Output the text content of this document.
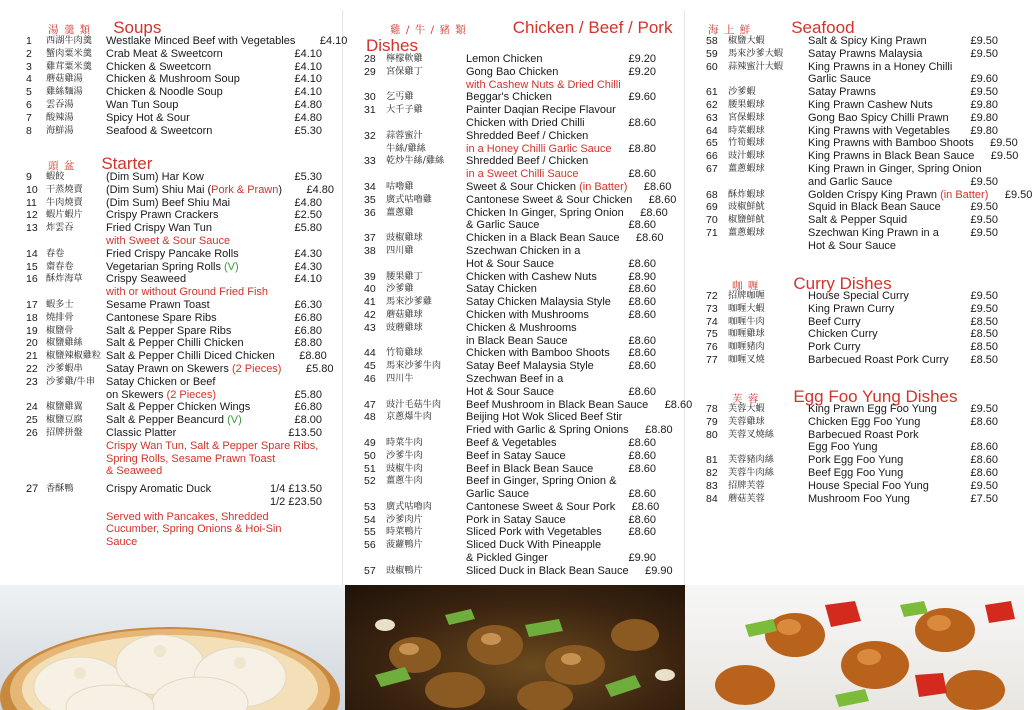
湯 羹 類 Soups
1	西湖牛肉羹	Westlake Minced Beef with Vegetables	£4.10
2	蟹肉粟米羹	Crab Meat & Sweetcorn	£4.10
3	雞茸粟米羹	Chicken & Sweetcorn	£4.10
4	蘑菇雞湯	Chicken & Mushroom Soup	£4.10
5	雞絲麵湯	Chicken & Noodle Soup	£4.10
6	雲吞湯	Wan Tun Soup	£4.80
7	酸辣湯	Spicy Hot & Sour	£4.80
8	海鮮湯	Seafood & Sweetcorn	£5.30
頭 盆 Starter
9	蝦餃	(Dim Sum) Har Kow	£5.30
10 干蒸燒賣	(Dim Sum) Shiu Mai (Pork & Prawn)	£4.80
11 牛肉燒賣	(Dim Sum) Beef Shiu Mai	£4.80
12 蝦片蝦片	Crispy Prawn Crackers	£2.50
13 炸雲吞	Fried Crispy Wan Tun	£5.80
with Sweet & Sour Sauce
14 春卷	Fried Crispy Pancake Rolls	£4.30
15 齋春卷	Vegetarian Spring Rolls (V)	£4.30
16 酥炸海草	Crispy Seaweed	£4.10
with or without Ground Fried Fish
17 蝦多士	Sesame Prawn Toast	£6.30
18 燒排骨	Cantonese Spare Ribs	£6.80
19 椒鹽骨	Salt & Pepper Spare Ribs	£6.80
20 椒鹽雞絲	Salt & Pepper Chilli Chicken	£8.80
21 椒鹽辣椒雞粒 Salt & Pepper Chilli Diced Chicken	£8.80
22 沙爹蝦串	Satay Prawn on Skewers (2 Pieces)	£5.80
23 沙爹雞/牛串 Satay Chicken or Beef
on Skewers (2 Pieces)	£5.80
24 椒鹽雞翼	Salt & Pepper Chicken Wings	£6.80
25 椒鹽豆腐	Salt & Pepper Beancurd (V)	£8.00
26 招牌拼盤	Classic Platter	£13.50
Crispy Wan Tun, Salt & Pepper Spare Ribs,
Spring Rolls, Sesame Prawn Toast
& Seaweed
27 香酥鴨	Crispy Aromatic Duck	1/4 £13.50
1/2 £23.50
Served with Pancakes, Shredded
Cucumber, Spring Onions & Hoi-Sin
Sauce
雞 / 牛 / 豬 類	Chicken / Beef / Pork
Dishes
28	檸檬軟雞	Lemon Chicken	£9.20
29	宮保雞丁	Gong Bao Chicken	£9.20
with Cashew Nuts & Dried Chilli
30	乞丐雞	Beggar's Chicken	£9.60
31	大千子雞	Painter Daqian Recipe Flavour
Chicken with Dried Chilli	£8.60
32	蒜蓉蜜汁	Shredded Beef / Chicken
牛絲/雞絲	in a Honey Chilli Garlic Sauce	£8.80
33	乾炒牛絲/雞絲	Shredded Beef / Chicken
in a Sweet Chilli Sauce	£8.60
34	咕嚕雞	Sweet & Sour Chicken (in Batter)	£8.60
35	廣式咕嚕雞	Cantonese Sweet & Sour Chicken	£8.60
36	薑蔥雞	Chicken In Ginger, Spring Onion	£8.60
& Garlic Sauce	£8.60
37	豉椒雞球	Chicken in a Black Bean Sauce	£8.60
38	四川雞	Szechwan Chicken in a
Hot & Sour Sauce	£8.60
39	腰果雞丁	Chicken with Cashew Nuts	£8.90
40	沙爹雞	Satay Chicken	£8.60
41	馬來沙爹雞	Satay Chicken Malaysia Style	£8.60
42	蘑菇雞球	Chicken with Mushrooms	£8.60
43	豉蘑雞球	Chicken & Mushrooms
in Black Bean Sauce	£8.60
44	竹筍雞球	Chicken with Bamboo Shoots	£8.60
45	馬來沙爹牛肉	Satay Beef Malaysia Style	£8.60
46	四川牛	Szechwan Beef in a
Hot & Sour Sauce	£8.60
47	豉汁毛菇牛肉	Beef Mushroom in Black Bean Sauce	£8.60
48	京蔥爆牛肉	Beijing Hot Wok Sliced Beef Stir
Fried with Garlic & Spring Onions	£8.80
49	時菜牛肉	Beef & Vegetables	£8.60
50	沙爹牛肉	Beef in Satay Sauce	£8.60
51	豉椒牛肉	Beef in Black Bean Sauce	£8.60
52	薑蔥牛肉	Beef in Ginger, Spring Onion &
Garlic Sauce	£8.60
53	廣式咕嚕肉	Cantonese Sweet & Sour Pork	£8.60
54	沙爹肉片	Pork in Satay Sauce	£8.60
55	時菜鴨片	Sliced Pork with Vegetables	£8.60
56	菠蘿鴨片	Sliced Duck With Pineapple
& Pickled Ginger	£9.90
57	豉椒鴨片	Sliced Duck in Black Bean Sauce	£9.90
海 上 鮮 Seafood
58	椒鹽大蝦	Salt & Spicy King Prawn	£9.50
59	馬來沙爹大蝦	Satay Prawns Malaysia	£9.50
60	蒜辣蜜汁大蝦	King Prawns in a Honey Chilli
Garlic Sauce	£9.60
61	沙爹蝦	Satay Prawns	£9.50
62	腰果蝦球	King Prawn Cashew Nuts	£9.80
63	宮保蝦球	Gong Bao Spicy Chilli Prawn	£9.80
64	時菜蝦球	King Prawns with Vegetables	£9.80
65	竹筍蝦球	King Prawns with Bamboo Shoots	£9.50
66	豉汁蝦球	King Prawns in Black Bean Sauce	£9.50
67	薑蔥蝦球	King Prawn in Ginger, Spring Onion
and Garlic Sauce	£9.50
68	酥炸蝦球	Golden Crispy King Prawn (in Batter)	£9.50
69	豉椒鮮魷	Squid in Black Bean Sauce	£9.50
70	椒鹽鮮魷	Salt & Pepper Squid	£9.50
71	薑蔥蝦球	Szechwan King Prawn in a	£9.50
Hot & Sour Sauce
咖 喱 Curry Dishes
72	招牌咖喱	House Special Curry	£9.50
73	咖喱大蝦	King Prawn Curry	£9.50
74	咖喱牛肉	Beef Curry	£8.50
75	咖喱雞球	Chicken Curry	£8.50
76	咖喱豬肉	Pork Curry	£8.50
77	咖喱叉燒	Barbecued Roast Pork Curry	£8.50
芙 蓉 Egg Foo Yung Dishes
78	芙蓉大蝦	King Prawn Egg Foo Yung	£9.50
79	芙蓉雞球	Chicken Egg Foo Yung	£8.60
80	芙蓉叉燒絲	Barbecued Roast Pork
Egg Foo Yung	£8.60
81	芙蓉豬肉絲	Pork Egg Foo Yung	£8.60
82	芙蓉牛肉絲	Beef Egg Foo Yung	£8.60
83	招牌芙蓉	House Special Foo Yung	£9.50
84	蘑菇芙蓉	Mushroom Foo Yung	£7.50
